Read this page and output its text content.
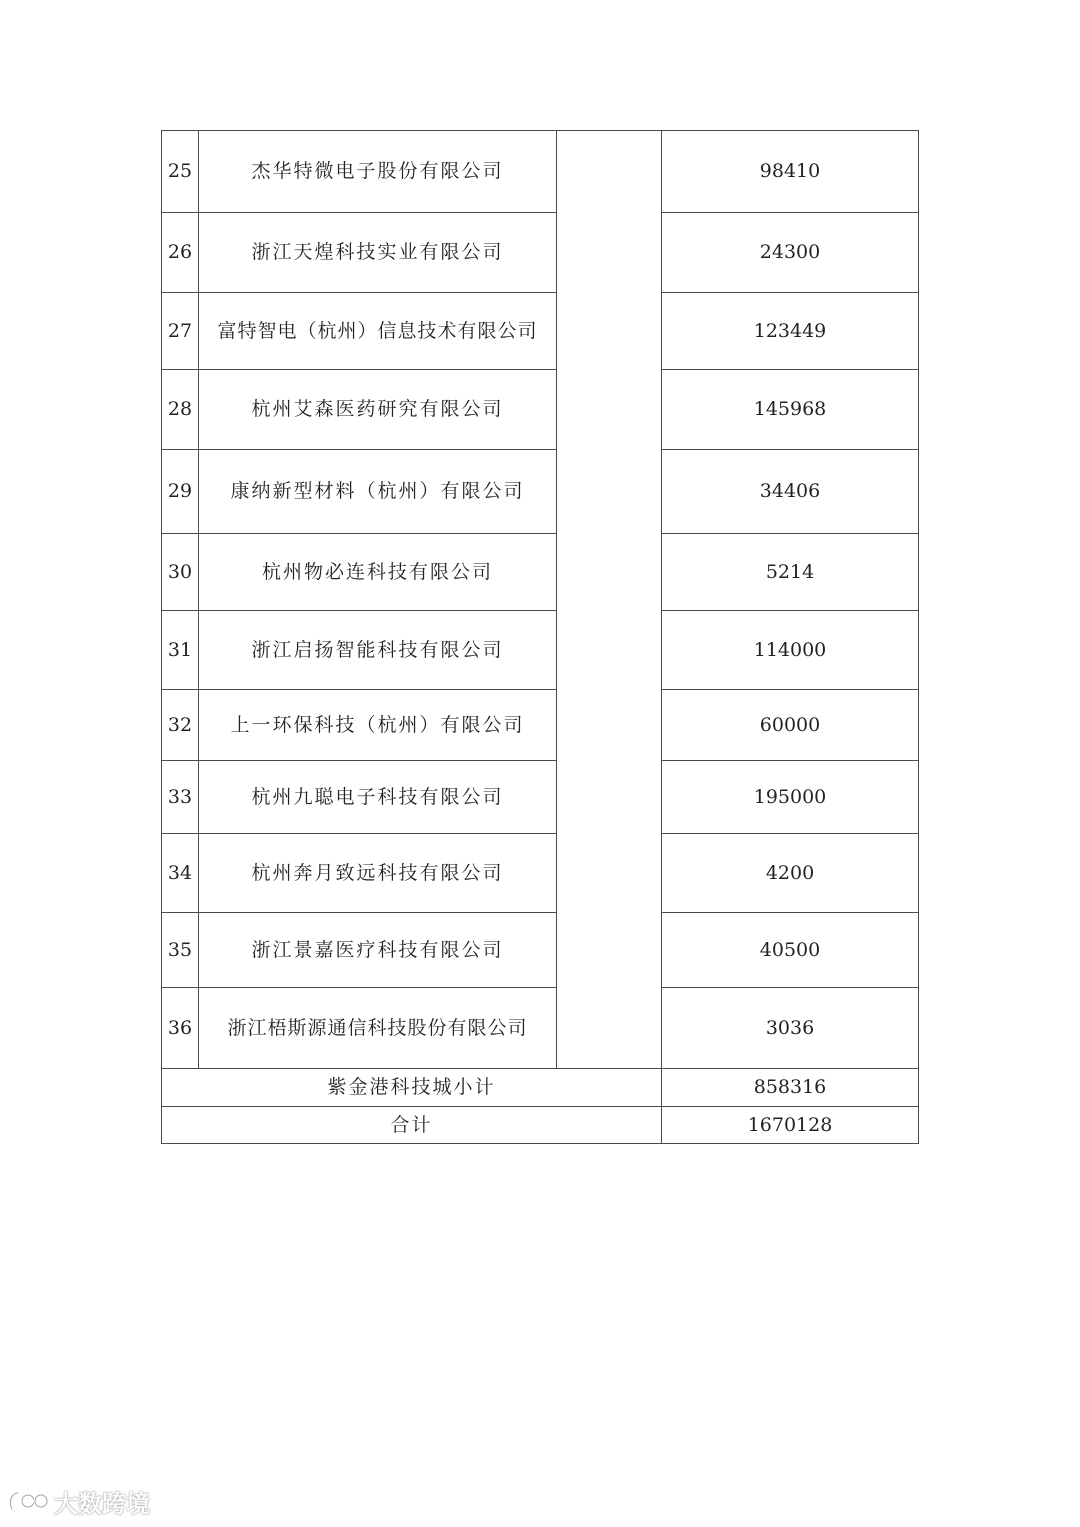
25	杰华特微电子股份有限公司		98410
26	浙江天煌科技实业有限公司		24300
27	富特智电（杭州）信息技术有限公司		123449
28	杭州艾森医药研究有限公司		145968
29	康纳新型材料（杭州）有限公司		34406
30	杭州物必连科技有限公司		5214
31	浙江启扬智能科技有限公司		114000
32	上一环保科技（杭州）有限公司		60000
33	杭州九聪电子科技有限公司		195000
34	杭州奔月致远科技有限公司		4200
35	浙江景嘉医疗科技有限公司		40500
36	浙江梧斯源通信科技股份有限公司		3036
紫金港科技城小计			858316
合计			1670128
大数跨境
